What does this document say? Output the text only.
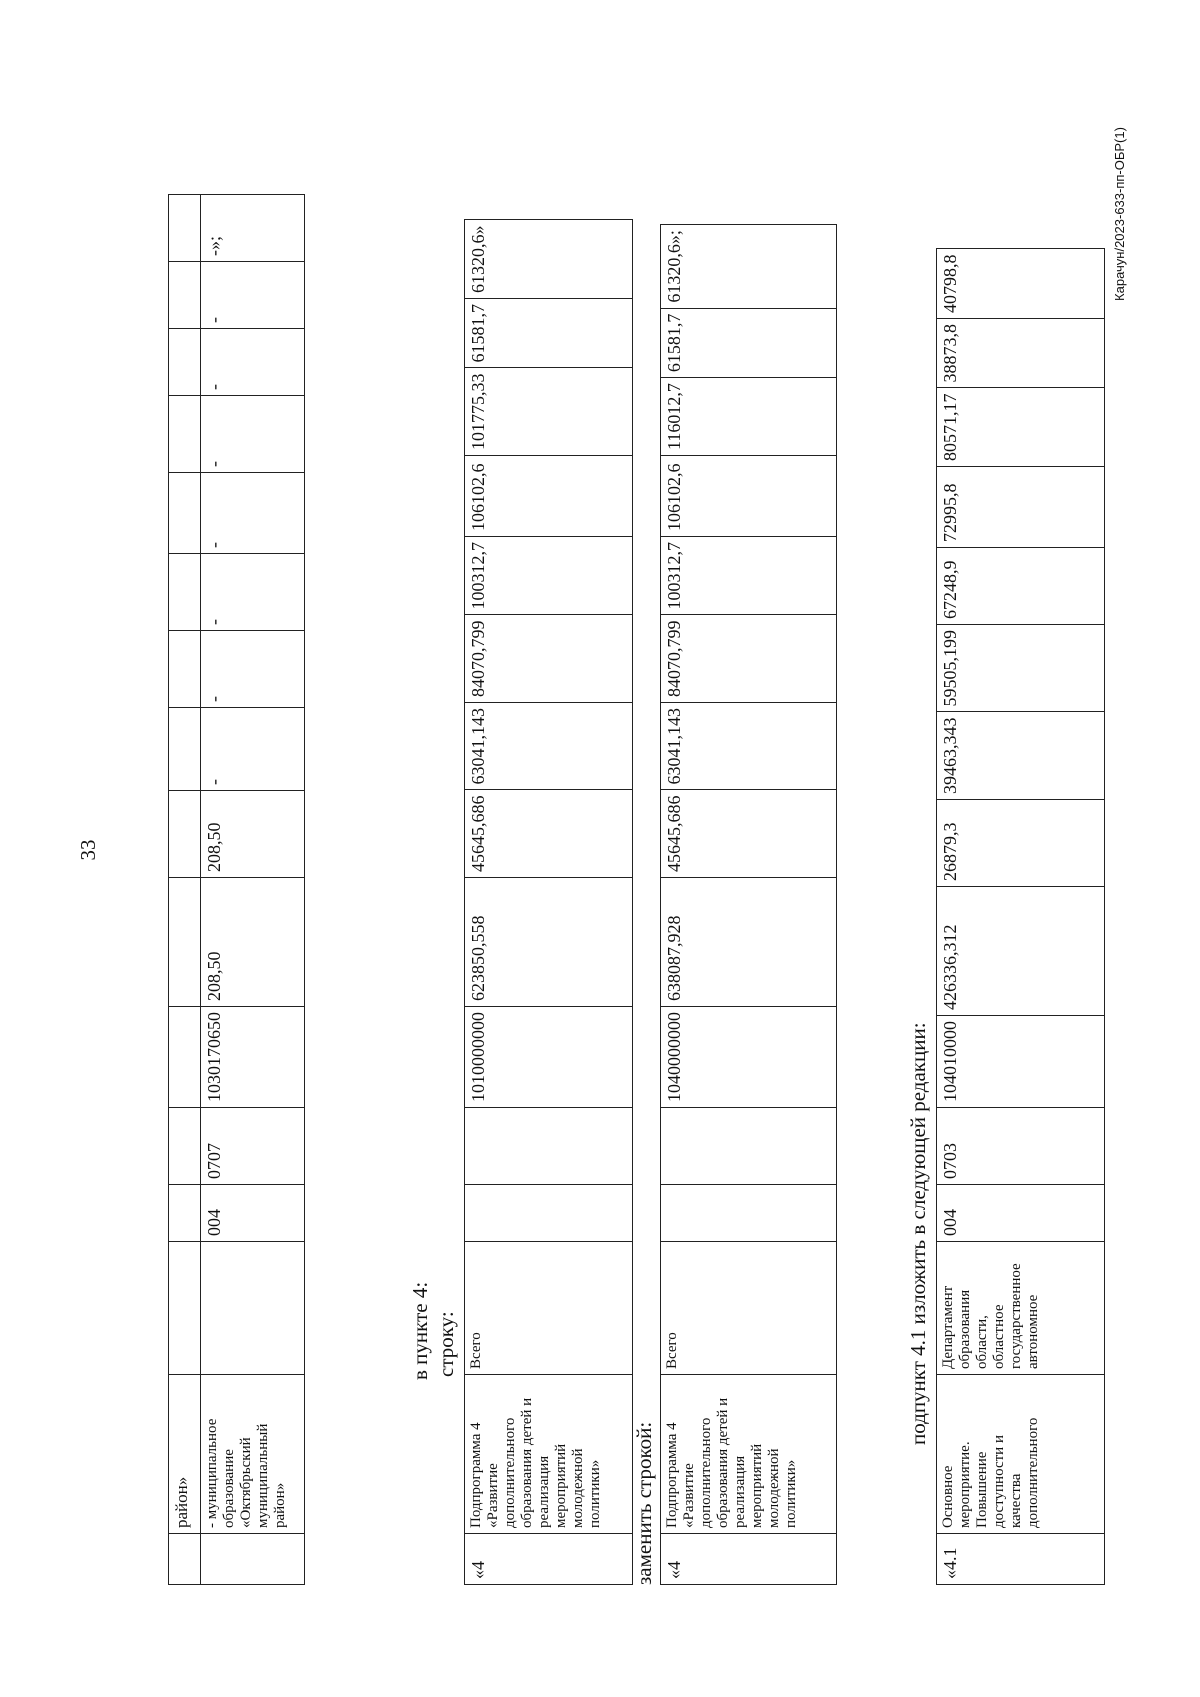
33
Карачун/2023-633-пп-ОБР(1)
	район»														
	- муниципальное образование «Октябрьский муниципальный район»		004	0707	1030170650	208,50	208,50	-	-	-	-	-	-	-	-»;
в пункте 4: строку:
«4	Подпрограмма 4 «Развитие дополнительного образования детей и реализация мероприятий молодежной политики»	Всего			1010000000	623850,558	45645,686	63041,143	84070,799	100312,7	106102,6	101775,33	61581,7	61320,6»
заменить строкой: «4	Подпрограмма 4 «Развитие дополнительного образования детей и реализация мероприятий молодежной политики»	Всего			1040000000	638087,928	45645,686	63041,143	84070,799	100312,7	106102,6	116012,7	61581,7	61320,6»;
подпункт 4.1 изложить в следующей редакции:
«4.1	Основное мероприятие. Повышение доступности и качества дополнительного	Департамент образования области, областное государственное автономное	004	0703	104010000	426336,312	26879,3	39463,343	59505,199	67248,9	72995,8	80571,17	38873,8	40798,8
